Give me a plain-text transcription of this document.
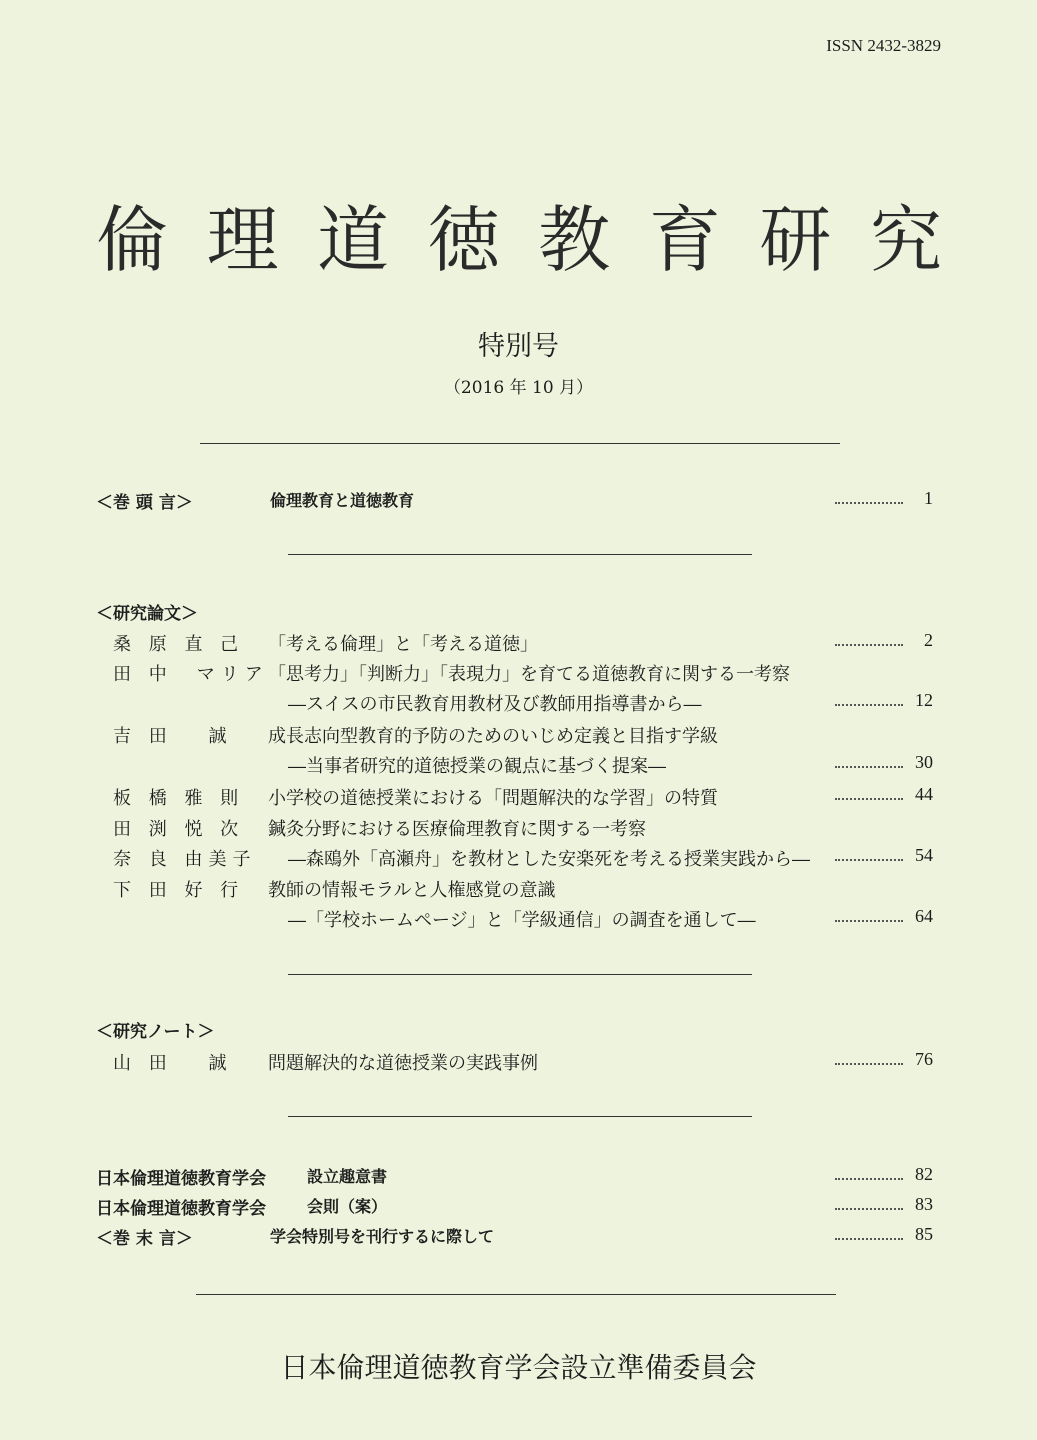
ISSN 2432-3829
倫 理 道 徳 教 育 研 究
特別号
（2016 年 10 月）
＜巻 頭 言＞	倫理教育と道徳教育	1
＜研究論文＞
桑 原 直 己 「考える倫理」と「考える道徳」	2
田 中　マリア 「思考力」「判断力」「表現力」を育てる道徳教育に関する一考察
―スイスの市民教育用教材及び教師用指導書から―	12
吉 田　 誠 成長志向型教育的予防のためのいじめ定義と目指す学級
―当事者研究的道徳授業の観点に基づく提案―	30
板 橋 雅 則 小学校の道徳授業における「問題解決的な学習」の特質	44
田 渕 悦 次 鍼灸分野における医療倫理教育に関する一考察
奈 良 由美子 ―森鴎外「高瀬舟」を教材とした安楽死を考える授業実践から―	54
下 田 好 行 教師の情報モラルと人権感覚の意識
―「学校ホームページ」と「学級通信」の調査を通して―	64
＜研究ノート＞
山 田　 誠 問題解決的な道徳授業の実践事例	76
日本倫理道徳教育学会	設立趣意書	82
日本倫理道徳教育学会	会則（案）	83
＜巻 末 言＞	学会特別号を刊行するに際して	85
日本倫理道徳教育学会設立準備委員会
